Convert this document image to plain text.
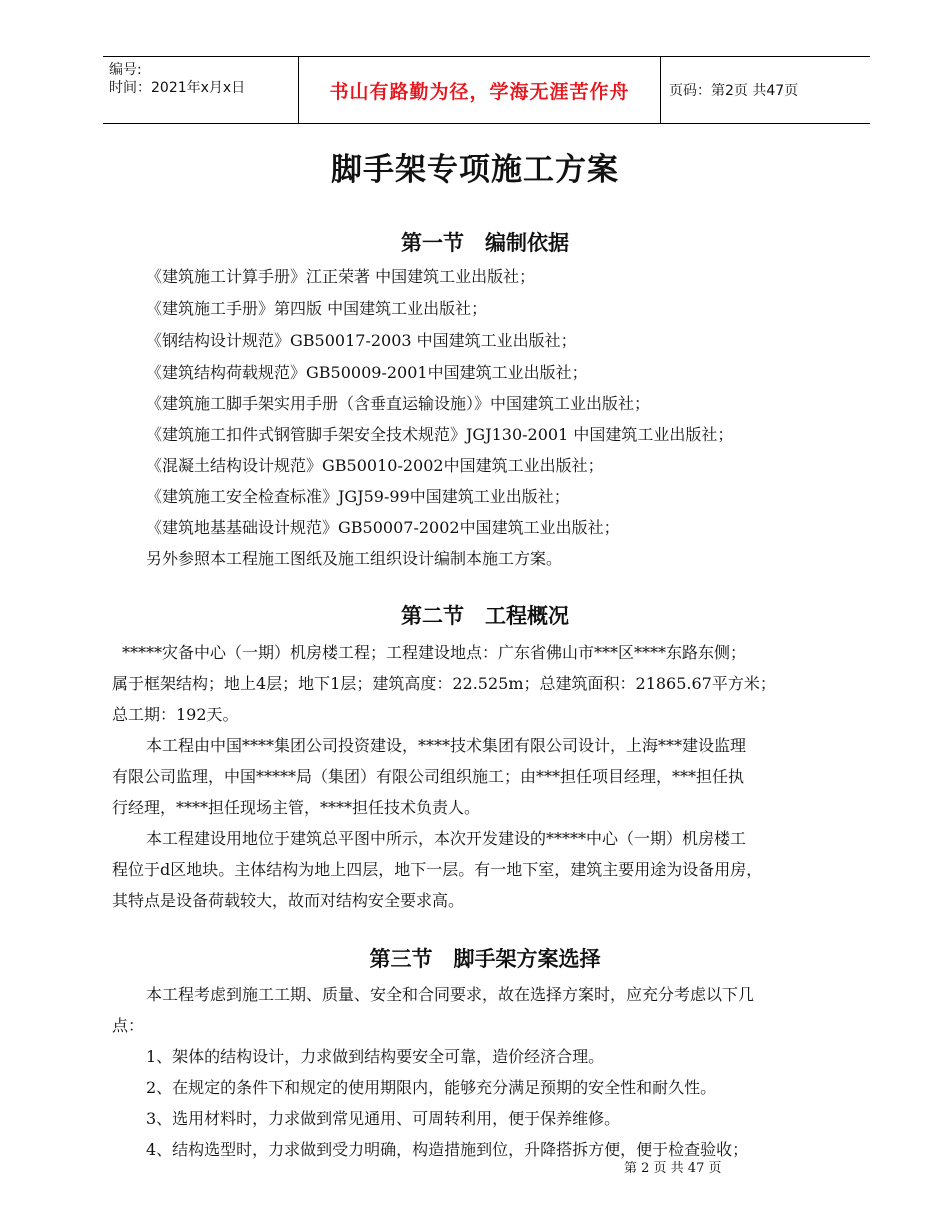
编号:
时间：2021年x月x日	书山有路勤为径，学海无涯苦作舟	页码：第2页 共47页
脚手架专项施工方案
第一节　编制依据
《建筑施工计算手册》江正荣著 中国建筑工业出版社；
《建筑施工手册》第四版 中国建筑工业出版社；
《钢结构设计规范》GB50017-2003 中国建筑工业出版社；
《建筑结构荷载规范》GB50009-2001中国建筑工业出版社；
《建筑施工脚手架实用手册（含垂直运输设施）》中国建筑工业出版社；
《建筑施工扣件式钢管脚手架安全技术规范》JGJ130-2001 中国建筑工业出版社；
《混凝土结构设计规范》GB50010-2002中国建筑工业出版社；
《建筑施工安全检查标准》JGJ59-99中国建筑工业出版社；
《建筑地基基础设计规范》GB50007-2002中国建筑工业出版社；
另外参照本工程施工图纸及施工组织设计编制本施工方案。
第二节　工程概况
*****灾备中心（一期）机房楼工程；工程建设地点：广东省佛山市***区****东路东侧；
属于框架结构；地上4层；地下1层；建筑高度：22.525m；总建筑面积：21865.67平方米；
总工期：192天。
本工程由中国****集团公司投资建设，****技术集团有限公司设计，上海***建设监理
有限公司监理，中国*****局（集团）有限公司组织施工；由***担任项目经理，***担任执
行经理，****担任现场主管，****担任技术负责人。
本工程建设用地位于建筑总平图中所示，本次开发建设的*****中心（一期）机房楼工
程位于d区地块。主体结构为地上四层，地下一层。有一地下室，建筑主要用途为设备用房，
其特点是设备荷载较大，故而对结构安全要求高。
第三节　脚手架方案选择
本工程考虑到施工工期、质量、安全和合同要求，故在选择方案时，应充分考虑以下几
点：
1、架体的结构设计，力求做到结构要安全可靠，造价经济合理。
2、在规定的条件下和规定的使用期限内，能够充分满足预期的安全性和耐久性。
3、选用材料时，力求做到常见通用、可周转利用，便于保养维修。
4、结构选型时，力求做到受力明确，构造措施到位，升降搭拆方便，便于检查验收；
第 2 页 共 47 页
